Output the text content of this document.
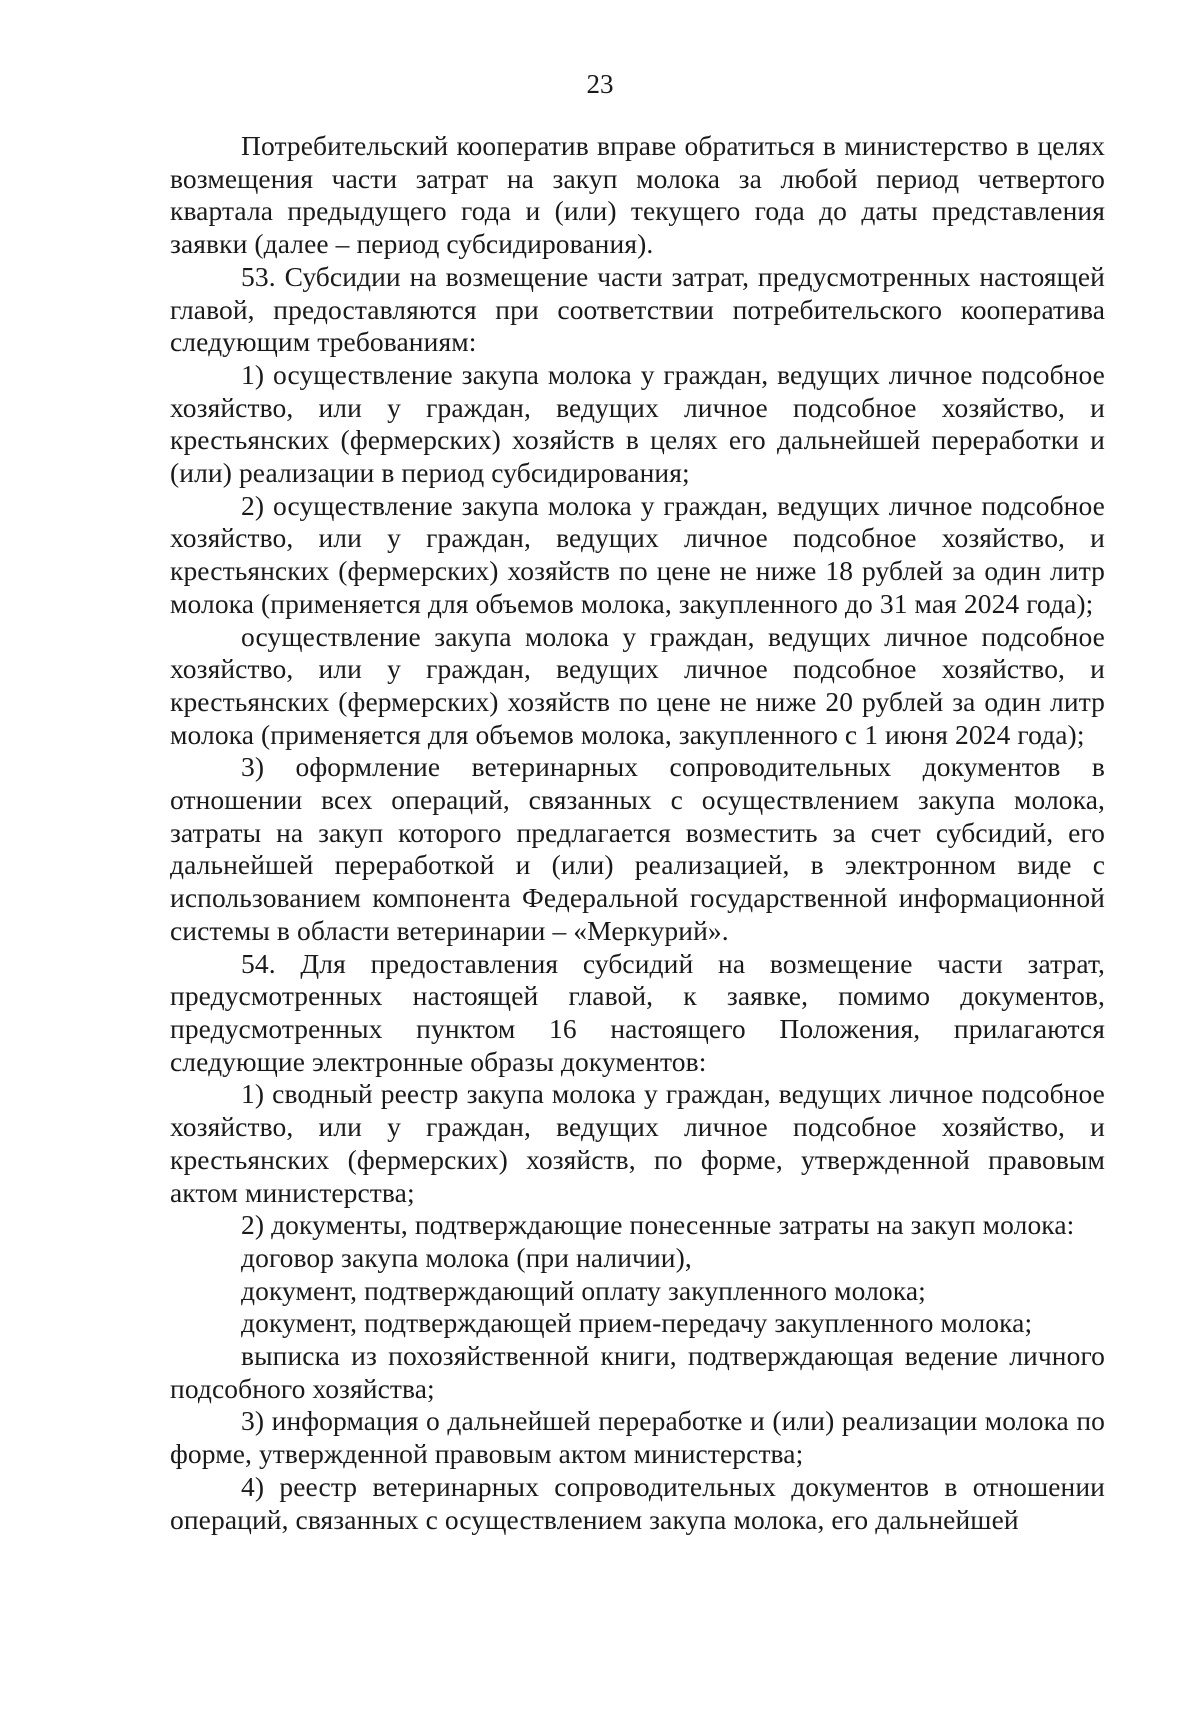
23

Потребительский кооператив вправе обратиться в министерство в целях возмещения части затрат на закуп молока за любой период четвертого квартала предыдущего года и (или) текущего года до даты представления заявки (далее – период субсидирования).

53. Субсидии на возмещение части затрат, предусмотренных настоящей главой, предоставляются при соответствии потребительского кооператива следующим требованиям:

1) осуществление закупа молока у граждан, ведущих личное подсобное хозяйство, или у граждан, ведущих личное подсобное хозяйство, и крестьянских (фермерских) хозяйств в целях его дальнейшей переработки и (или) реализации в период субсидирования;

2) осуществление закупа молока у граждан, ведущих личное подсобное хозяйство, или у граждан, ведущих личное подсобное хозяйство, и крестьянских (фермерских) хозяйств по цене не ниже 18 рублей за один литр молока (применяется для объемов молока, закупленного до 31 мая 2024 года);

осуществление закупа молока у граждан, ведущих личное подсобное хозяйство, или у граждан, ведущих личное подсобное хозяйство, и крестьянских (фермерских) хозяйств по цене не ниже 20 рублей за один литр молока (применяется для объемов молока, закупленного с 1 июня 2024 года);

3) оформление ветеринарных сопроводительных документов в отношении всех операций, связанных с осуществлением закупа молока, затраты на закуп которого предлагается возместить за счет субсидий, его дальнейшей переработкой и (или) реализацией, в электронном виде с использованием компонента Федеральной государственной информационной системы в области ветеринарии – «Меркурий».

54. Для предоставления субсидий на возмещение части затрат, предусмотренных настоящей главой, к заявке, помимо документов, предусмотренных пунктом 16 настоящего Положения, прилагаются следующие электронные образы документов:

1) сводный реестр закупа молока у граждан, ведущих личное подсобное хозяйство, или у граждан, ведущих личное подсобное хозяйство, и крестьянских (фермерских) хозяйств, по форме, утвержденной правовым актом министерства;

2) документы, подтверждающие понесенные затраты на закуп молока:

договор закупа молока (при наличии),

документ, подтверждающий оплату закупленного молока;

документ, подтверждающей прием-передачу закупленного молока;

выписка из похозяйственной книги, подтверждающая ведение личного подсобного хозяйства;

3) информация о дальнейшей переработке и (или) реализации молока по форме, утвержденной правовым актом министерства;

4) реестр ветеринарных сопроводительных документов в отношении операций, связанных с осуществлением закупа молока, его дальнейшей
